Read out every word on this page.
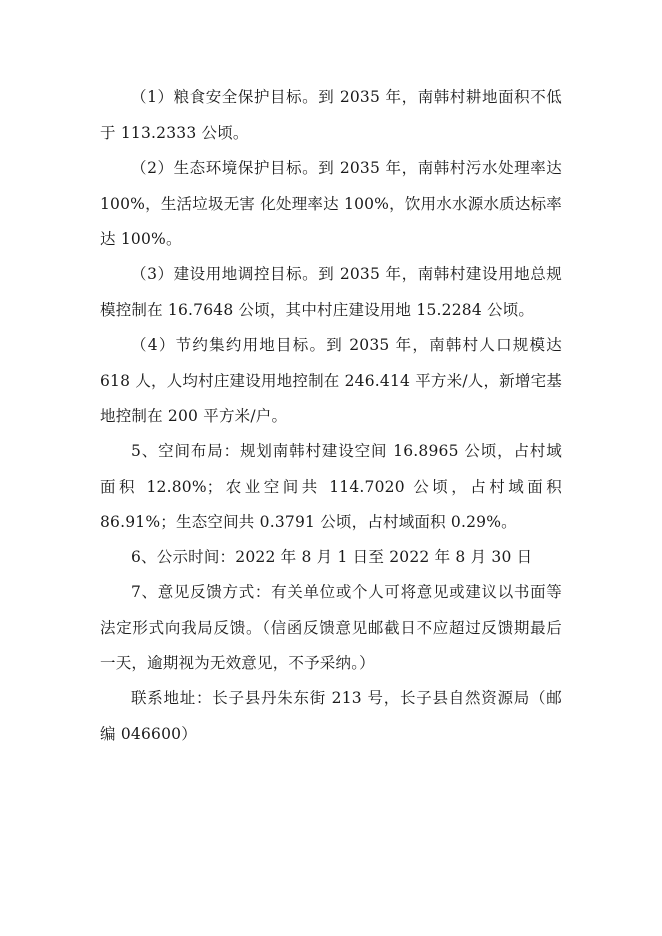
（1）粮食安全保护目标。到 2035 年，南韩村耕地面积不低于 113.2333 公顷。

（2）生态环境保护目标。到 2035 年，南韩村污水处理率达 100%，生活垃圾无害 化处理率达 100%，饮用水水源水质达标率达 100%。

（3）建设用地调控目标。到 2035 年，南韩村建设用地总规模控制在 16.7648 公顷，其中村庄建设用地 15.2284 公顷。

（4）节约集约用地目标。到 2035 年，南韩村人口规模达 618 人，人均村庄建设用地控制在 246.414 平方米/人，新增宅基地控制在 200 平方米/户。

5、空间布局：规划南韩村建设空间 16.8965 公顷，占村域面积 12.80%；农业空间共 114.7020 公顷，占村域面积 86.91%；生态空间共 0.3791 公顷，占村域面积 0.29%。

6、公示时间：2022 年 8 月 1 日至 2022 年 8 月 30 日

7、意见反馈方式：有关单位或个人可将意见或建议以书面等法定形式向我局反馈。（信函反馈意见邮截日不应超过反馈期最后一天，逾期视为无效意见，不予采纳。）

联系地址：长子县丹朱东街 213 号，长子县自然资源局（邮编 046600）
